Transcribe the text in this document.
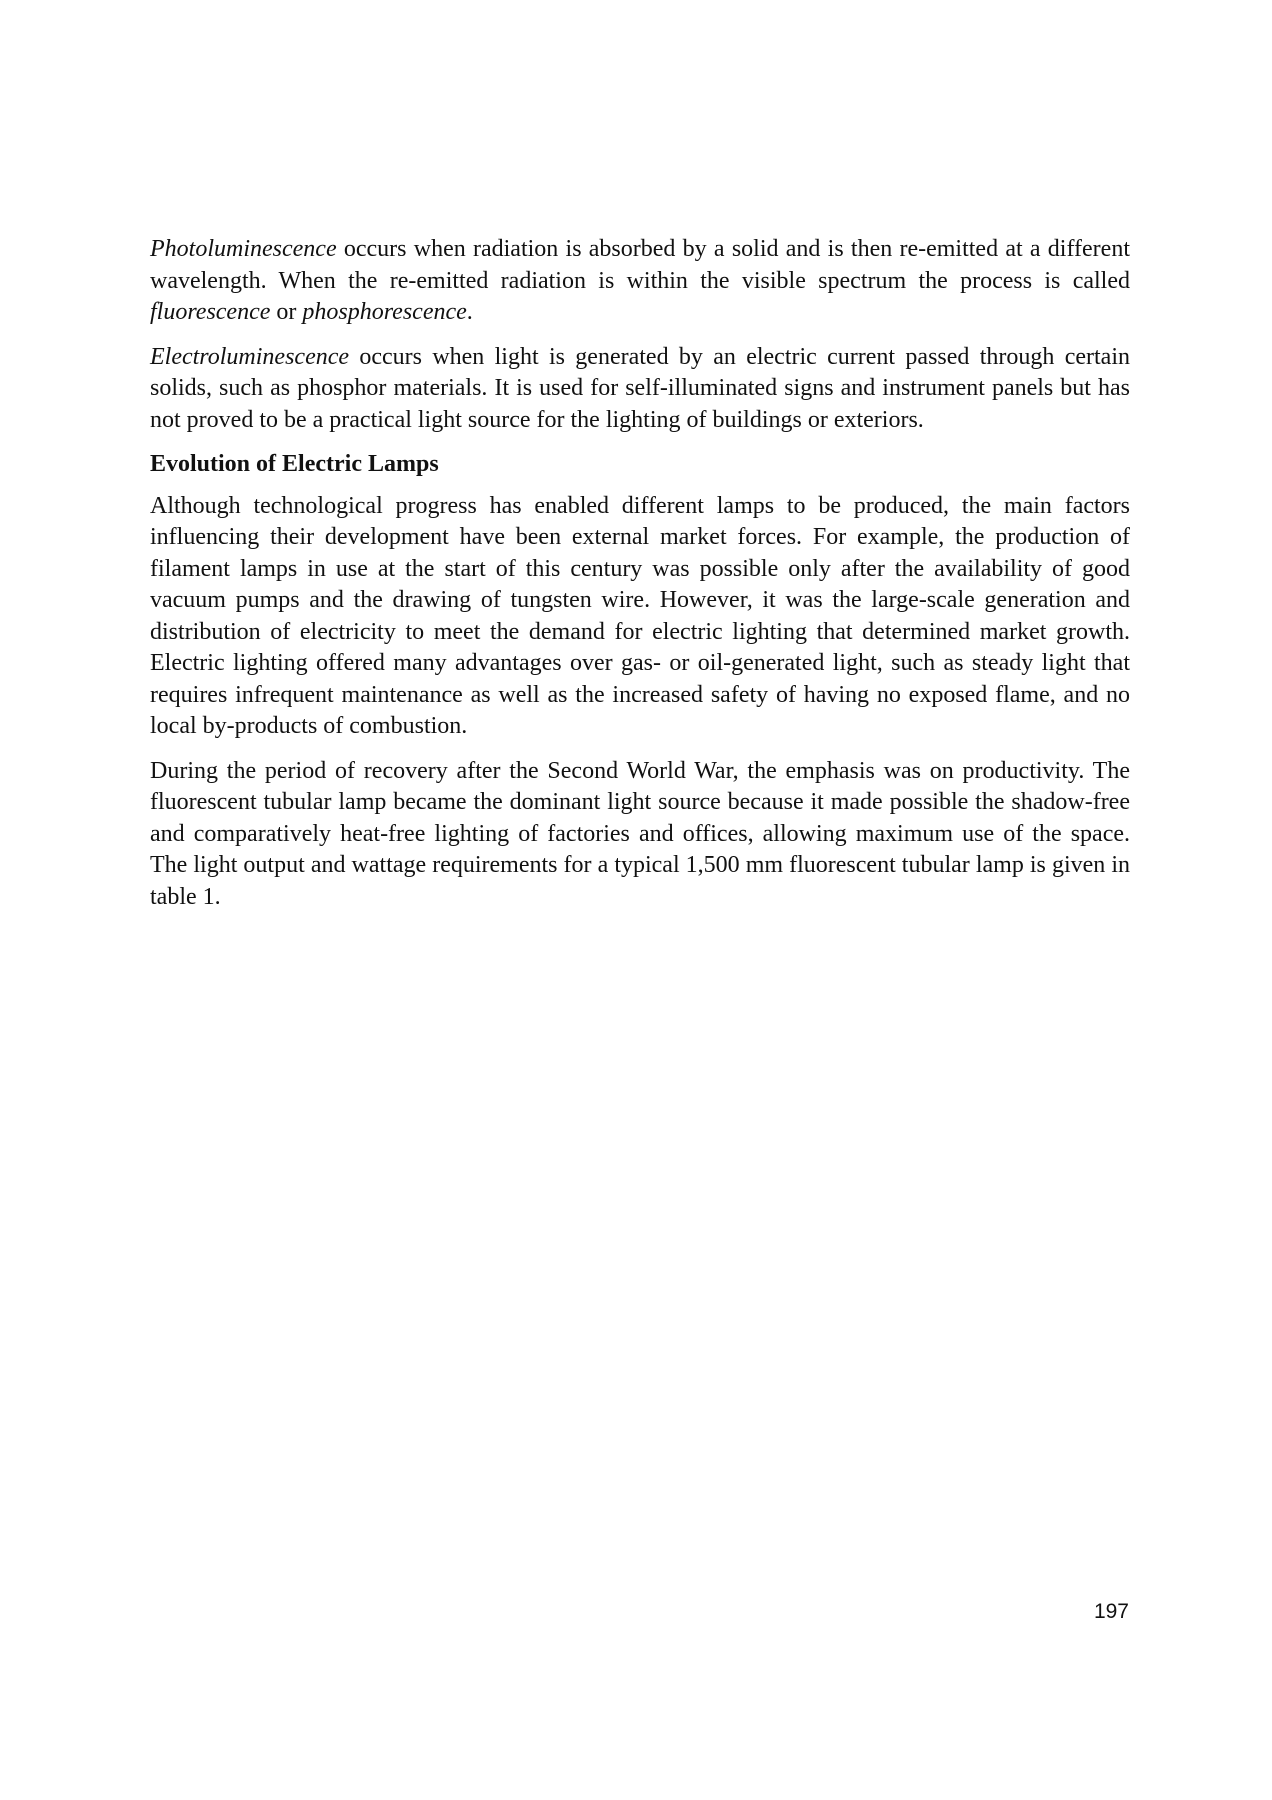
Photoluminescence occurs when radiation is absorbed by a solid and is then re-emitted at a different wavelength. When the re-emitted radiation is within the visible spectrum the process is called fluorescence or phosphorescence.

Electroluminescence occurs when light is generated by an electric current passed through certain solids, such as phosphor materials. It is used for self-illuminated signs and instrument panels but has not proved to be a practical light source for the lighting of buildings or exteriors.

Evolution of Electric Lamps

Although technological progress has enabled different lamps to be produced, the main factors influencing their development have been external market forces. For example, the production of filament lamps in use at the start of this century was possible only after the availability of good vacuum pumps and the drawing of tungsten wire. However, it was the large-scale generation and distribution of electricity to meet the demand for electric lighting that determined market growth. Electric lighting offered many advantages over gas- or oil-generated light, such as steady light that requires infrequent maintenance as well as the increased safety of having no exposed flame, and no local by-products of combustion.

During the period of recovery after the Second World War, the emphasis was on productivity. The fluorescent tubular lamp became the dominant light source because it made possible the shadow-free and comparatively heat-free lighting of factories and offices, allowing maximum use of the space. The light output and wattage requirements for a typical 1,500 mm fluorescent tubular lamp is given in table 1.

197
